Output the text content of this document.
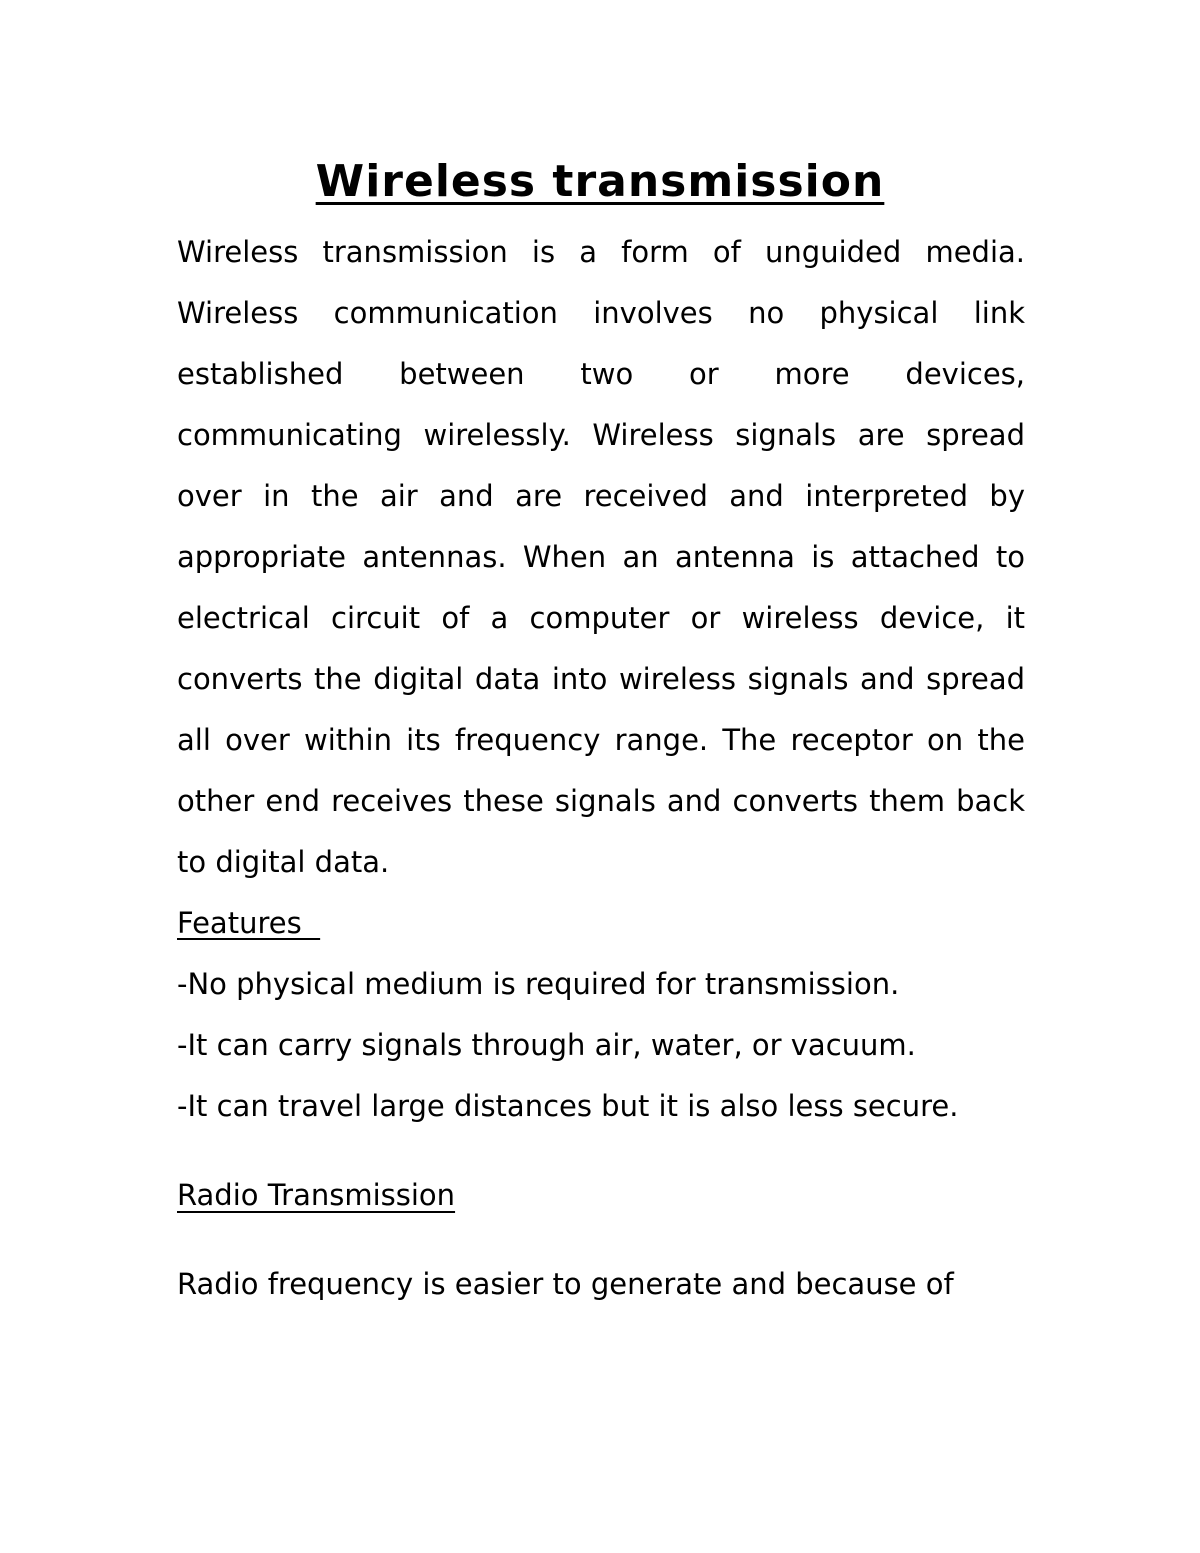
Wireless transmission

Wireless transmission is a form of unguided media. Wireless communication involves no physical link established between two or more devices, communicating wirelessly. Wireless signals are spread over in the air and are received and interpreted by appropriate antennas. When an antenna is attached to electrical circuit of a computer or wireless device, it converts the digital data into wireless signals and spread all over within its frequency range. The receptor on the other end receives these signals and converts them back to digital data.

Features
-No physical medium is required for transmission.
-It can carry signals through air, water, or vacuum.
-It can travel large distances but it is also less secure.
Radio Transmission

Radio frequency is easier to generate and because of
